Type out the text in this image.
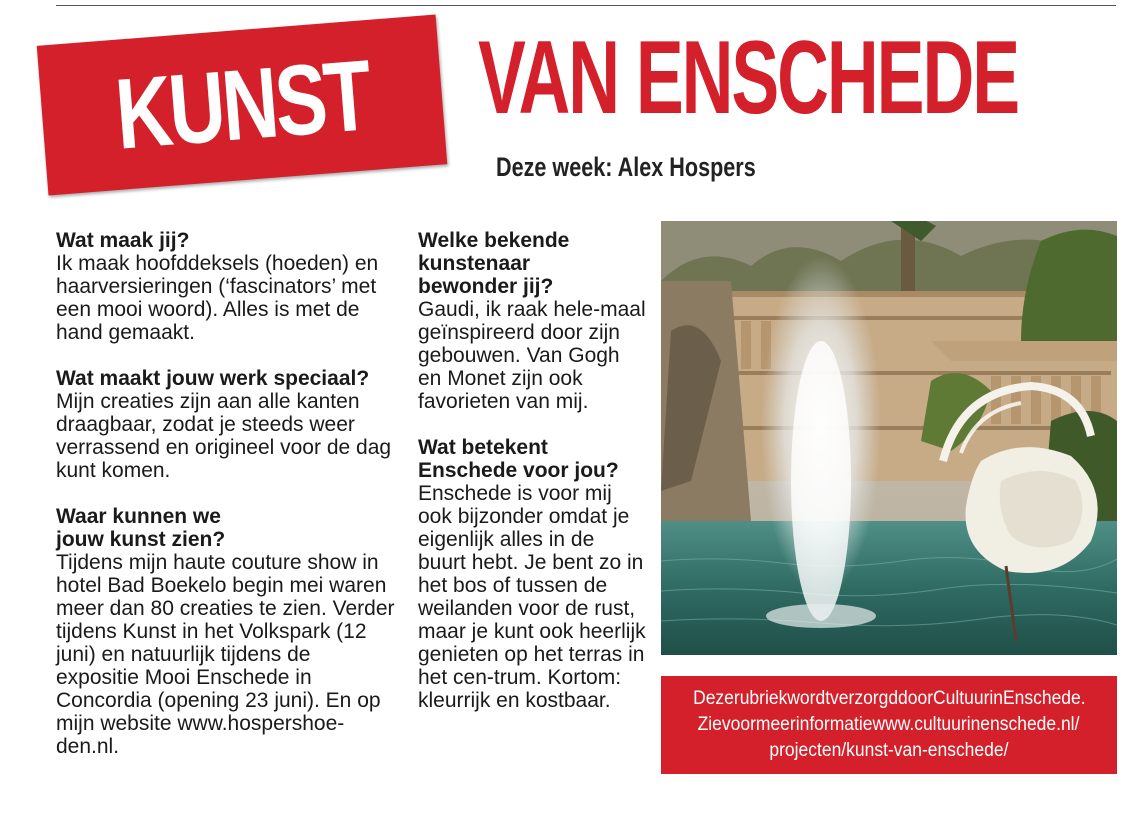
KUNST VAN ENSCHEDE
Deze week: Alex Hospers

Wat maak jij?

Ik maak hoofddeksels (hoeden) en haarversieringen (‘fascinators’ met een mooi woord). Alles is met de hand gemaakt.

Wat maakt jouw werk speciaal?

Mijn creaties zijn aan alle kanten draagbaar, zodat je steeds weer verrassend en origineel voor de dag kunt komen.

Waar kunnen we jouw kunst zien?

Tijdens mijn haute couture show in hotel Bad Boekelo begin mei waren meer dan 80 creaties te zien. Verder tijdens Kunst in het Volkspark (12 juni) en natuurlijk tijdens de expositie Mooi Enschede in Concordia (opening 23 juni). En op mijn website www.hospershoe-den.nl.

Welke bekende kunstenaar bewonder jij?

Gaudi, ik raak hele-maal geïnspireerd door zijn gebouwen. Van Gogh en Monet zijn ook favorieten van mij.

Wat betekent Enschede voor jou?

Enschede is voor mij ook bijzonder omdat je eigenlijk alles in de buurt hebt. Je bent zo in het bos of tussen de weilanden voor de rust, maar je kunt ook heerlijk genieten op het terras in het cen-trum. Kortom: kleurrijk en kostbaar.	DezerubriekwordtverzorgddoorCultuurinEnschede.
Zievoormeerinformatiewww.cultuurinenschede.nl/
projecten/kunst-van-enschede/
